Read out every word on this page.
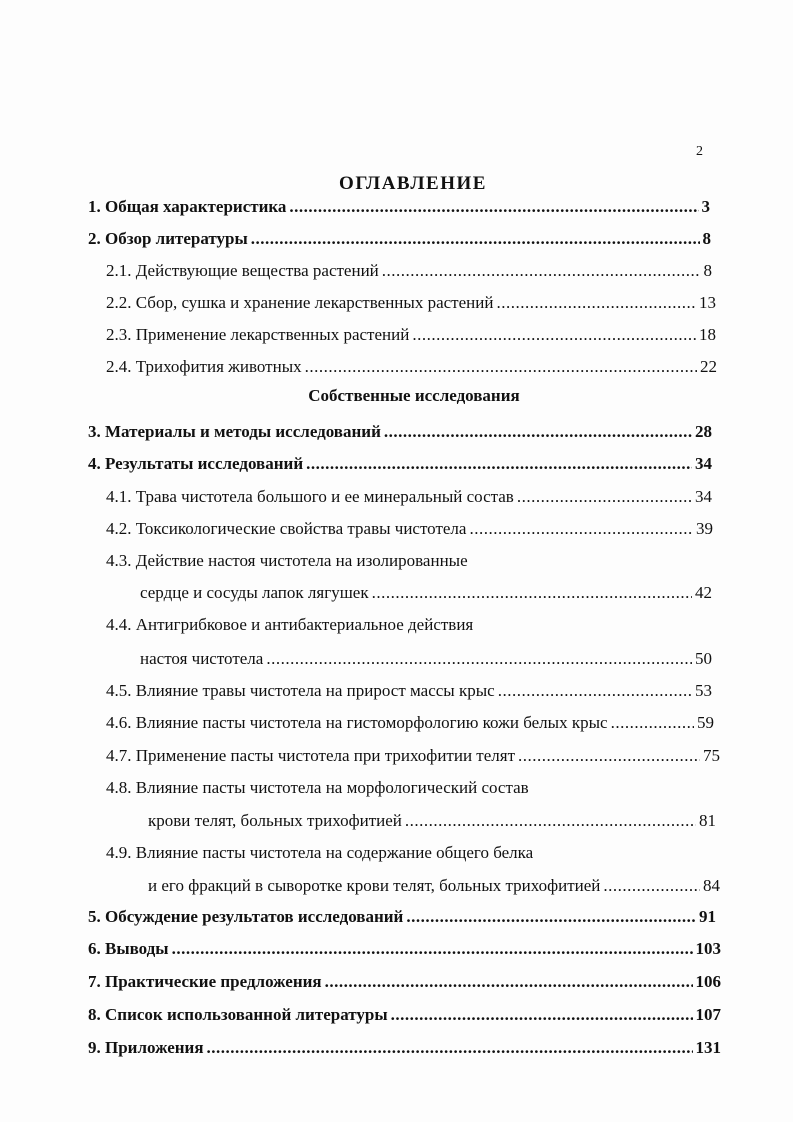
2
ОГЛАВЛЕНИЕ
1. Общая характеристика .....	3
2. Обзор литературы .....	8
2.1. Действующие вещества растений .....	8
2.2. Сбор, сушка и хранение лекарственных растений .....	13
2.3. Применение лекарственных растений .....	18
2.4. Трихофития животных .....	22
Собственные исследования
3. Материалы и методы исследований .....	28
4. Результаты исследований .....	34
4.1. Трава чистотела большого и ее минеральный состав .....	34
4.2. Токсикологические свойства травы чистотела .....	39
4.3. Действие настоя чистотела на изолированные
сердце и сосуды лапок лягушек .....	42
4.4. Антигрибковое и антибактериальное действия
настоя чистотела .....	50
4.5. Влияние травы чистотела на прирост массы крыс .....	53
4.6. Влияние пасты чистотела на гистоморфологию кожи белых крыс .....	59
4.7. Применение пасты чистотела при трихофитии телят .....	75
4.8. Влияние пасты чистотела на морфологический состав
крови телят, больных трихофитией .....	81
4.9. Влияние пасты чистотела на содержание общего белка
и его фракций в сыворотке крови телят, больных трихофитией .....	84
5. Обсуждение результатов исследований .....	91
6. Выводы .....	103
7. Практические предложения .....	106
8. Список использованной литературы .....	107
9. Приложения .....	131
